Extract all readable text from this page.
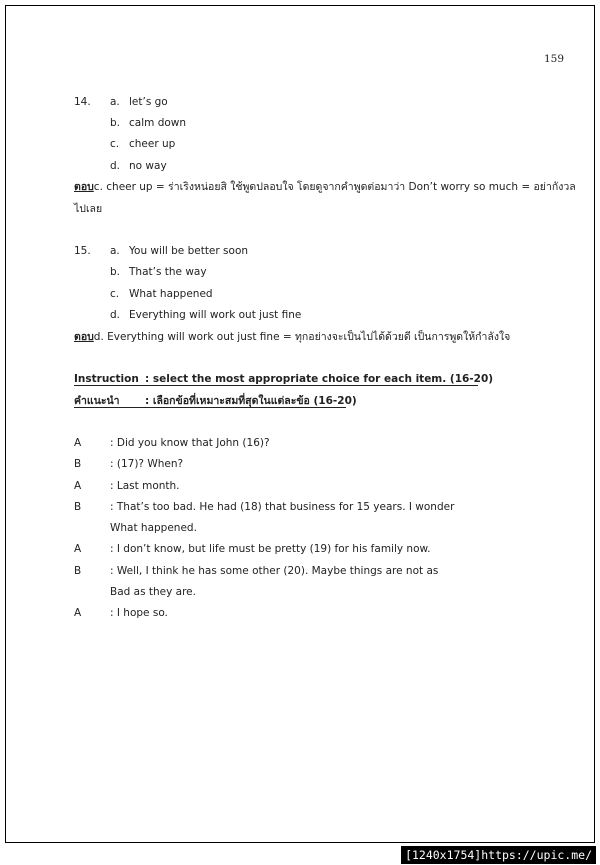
159
14. a. let’s go
b. calm down
c. cheer up
d. no way
ตอบc. cheer up = ร่าเริงหน่อยสิ ใช้พูดปลอบใจ โดยดูจากคำพูดต่อมาว่า Don’t worry so much = อย่ากังวล
ไปเลย
15. a. You will be better soon
b. That’s the way
c. What happened
d. Everything will work out just fine
ตอบd. Everything will work out just fine = ทุกอย่างจะเป็นไปได้ด้วยดี เป็นการพูดให้กำลังใจ
Instruction : select the most appropriate choice for each item. (16-20)
คำแนะนำ : เลือกข้อที่เหมาะสมที่สุดในแต่ละข้อ (16-20)
A	: Did you know that John (16)?
B	: (17)? When?
A	: Last month.
B	: That’s too bad. He had (18) that business for 15 years. I wonder
What happened.
A	: I don’t know, but life must be pretty (19) for his family now.
B	: Well, I think he has some other (20). Maybe things are not as
Bad as they are.
A	: I hope so.
[1240x1754]https://upic.me/
